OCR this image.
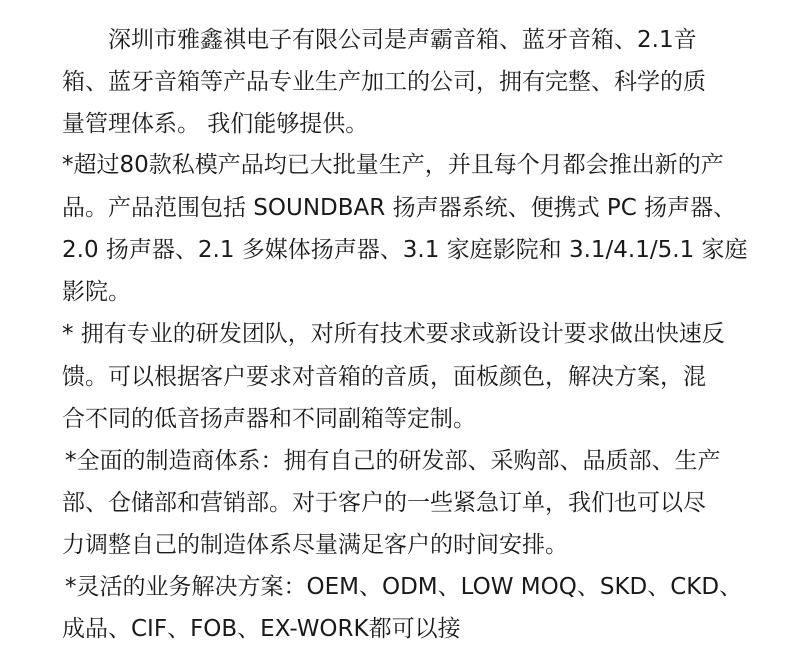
深圳市雅鑫祺电子有限公司是声霸音箱、蓝牙音箱、2.1音
箱、蓝牙音箱等产品专业生产加工的公司，拥有完整、科学的质
量管理体系。 我们能够提供。
*超过80款私模产品均已大批量生产，并且每个月都会推出新的产
品。产品范围包括 SOUNDBAR 扬声器系统、便携式 PC 扬声器、
2.0 扬声器、2.1 多媒体扬声器、3.1 家庭影院和 3.1/4.1/5.1 家庭
影院。
* 拥有专业的研发团队，对所有技术要求或新设计要求做出快速反
馈。可以根据客户要求对音箱的音质，面板颜色，解决方案，混
合不同的低音扬声器和不同副箱等定制。
*全面的制造商体系：拥有自己的研发部、采购部、品质部、生产
部、仓储部和营销部。对于客户的一些紧急订单，我们也可以尽
力调整自己的制造体系尽量满足客户的时间安排。
*灵活的业务解决方案：OEM、ODM、LOW MOQ、SKD、CKD、
成品、CIF、FOB、EX-WORK都可以接
